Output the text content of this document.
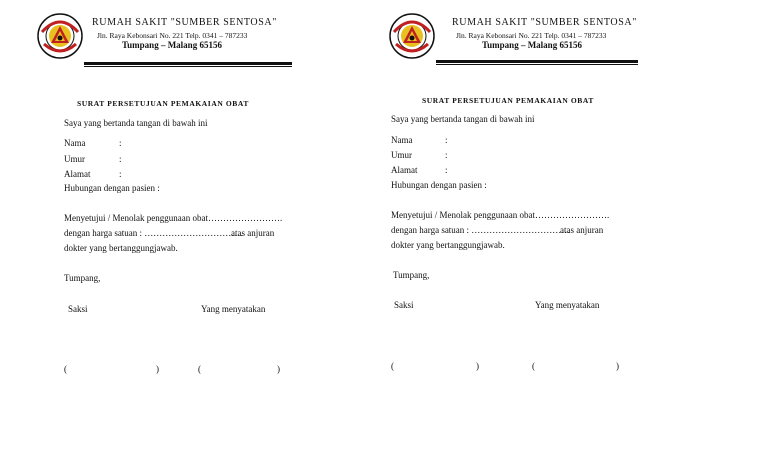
RUMAH SAKIT "SUMBER SENTOSA"
Jln. Raya Kebonsari No. 221 Telp. 0341 – 787233
Tumpang – Malang 65156
SURAT PERSETUJUAN PEMAKAIAN OBAT
Saya yang bertanda tangan di bawah ini
Nama	:
Umur	:
Alamat	:
Hubungan dengan pasien :
Menyetujui / Menolak penggunaan obat…………………….
dengan harga satuan : ……………………………
atas anjuran
dokter yang bertanggungjawab.
Tumpang,
Saksi	Yang menyatakan
(	)	(	)
RUMAH SAKIT "SUMBER SENTOSA"
Jln. Raya Kebonsari No. 221 Telp. 0341 – 787233
Tumpang – Malang 65156
SURAT PERSETUJUAN PEMAKAIAN OBAT
Saya yang bertanda tangan di bawah ini
Nama	:
Umur	:
Alamat	:
Hubungan dengan pasien :
Menyetujui / Menolak penggunaan obat…………………….
dengan harga satuan : ……………………………
atas anjuran
dokter yang bertanggungjawab.
Tumpang,
Saksi	Yang menyatakan
(	)	(	)
